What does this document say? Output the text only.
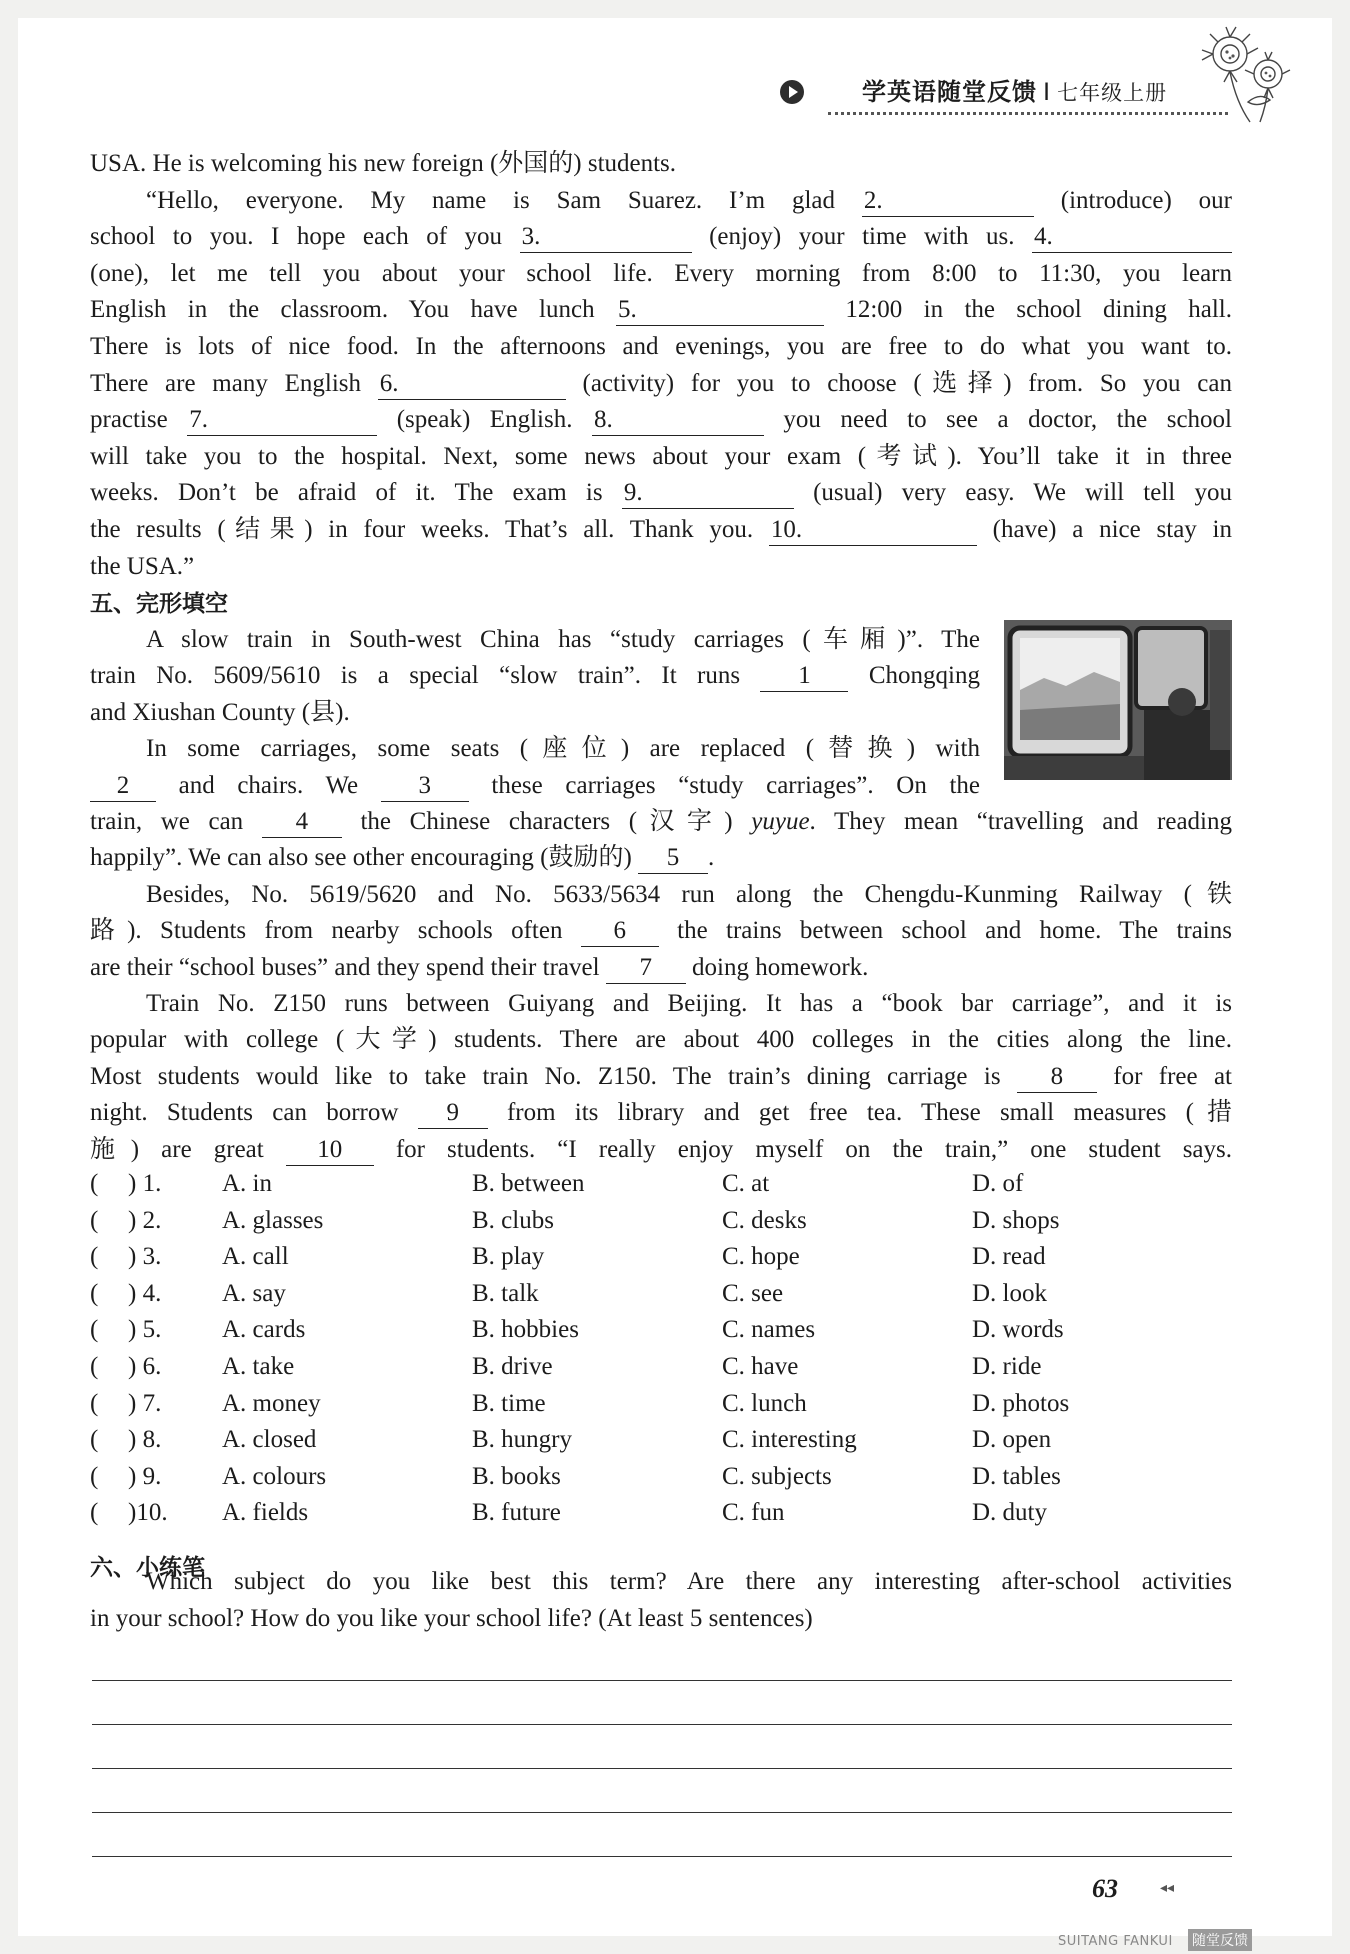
学英语随堂反馈 I 七年级上册
USA. He is welcoming his new foreign (外国的) students.
“Hello, everyone. My name is Sam Suarez. I’m glad 2.	(introduce) our
school to you. I hope each of you 3.	(enjoy) your time with us. 4.
(one), let me tell you about your school life. Every morning from 8:00 to 11:30, you learn
English in the classroom. You have lunch 5.	12:00 in the school dining hall.
There is lots of nice food. In the afternoons and evenings, you are free to do what you want to.
There are many English 6.	(activity) for you to choose (选择) from. So you can
practise 7.	(speak) English. 8.	you need to see a doctor, the school
will take you to the hospital. Next, some news about your exam (考试). You’ll take it in three
weeks. Don’t be afraid of it. The exam is 9.	(usual) very easy. We will tell you
the results (结果) in four weeks. That’s all. Thank you. 10.	(have) a nice stay in
the USA.”
五、完形填空
A slow train in South-west China has “study carriages (车厢)”. The
train No. 5609/5610 is a special “slow train”. It runs 1 Chongqing
and Xiushan County (县).
In some carriages, some seats (座位) are replaced (替换) with
2 and chairs. We 3 these carriages “study carriages”. On the
train, we can 4 the Chinese characters (汉字) yuyue. They mean “travelling and reading
happily”. We can also see other encouraging (鼓励的) 5 .
Besides, No. 5619/5620 and No. 5633/5634 run along the Chengdu-Kunming Railway (铁
路). Students from nearby schools often 6 the trains between school and home. The trains
are their “school buses” and they spend their travel 7 doing homework.
Train No. Z150 runs between Guiyang and Beijing. It has a “book bar carriage”, and it is
popular with college (大学) students. There are about 400 colleges in the cities along the line.
Most students would like to take train No. Z150. The train’s dining carriage is 8 for free at
night. Students can borrow 9 from its library and get free tea. These small measures (措
施) are great 10 for students. “I really enjoy myself on the train,” one student says.
( ) 1. A. in	B. between	C. at	D. of
( ) 2. A. glasses	B. clubs	C. desks	D. shops
( ) 3. A. call	B. play	C. hope	D. read
( ) 4. A. say	B. talk	C. see	D. look
( ) 5. A. cards	B. hobbies	C. names	D. words
( ) 6. A. take	B. drive	C. have	D. ride
( ) 7. A. money	B. time	C. lunch	D. photos
( ) 8. A. closed	B. hungry	C. interesting	D. open
( ) 9. A. colours	B. books	C. subjects	D. tables
( )10. A. fields	B. future	C. fun	D. duty
六、小练笔
Which subject do you like best this term? Are there any interesting after-school activities
in your school? How do you like your school life? (At least 5 sentences)
63	◂◂
SUITANG FANKUI 随堂反馈
